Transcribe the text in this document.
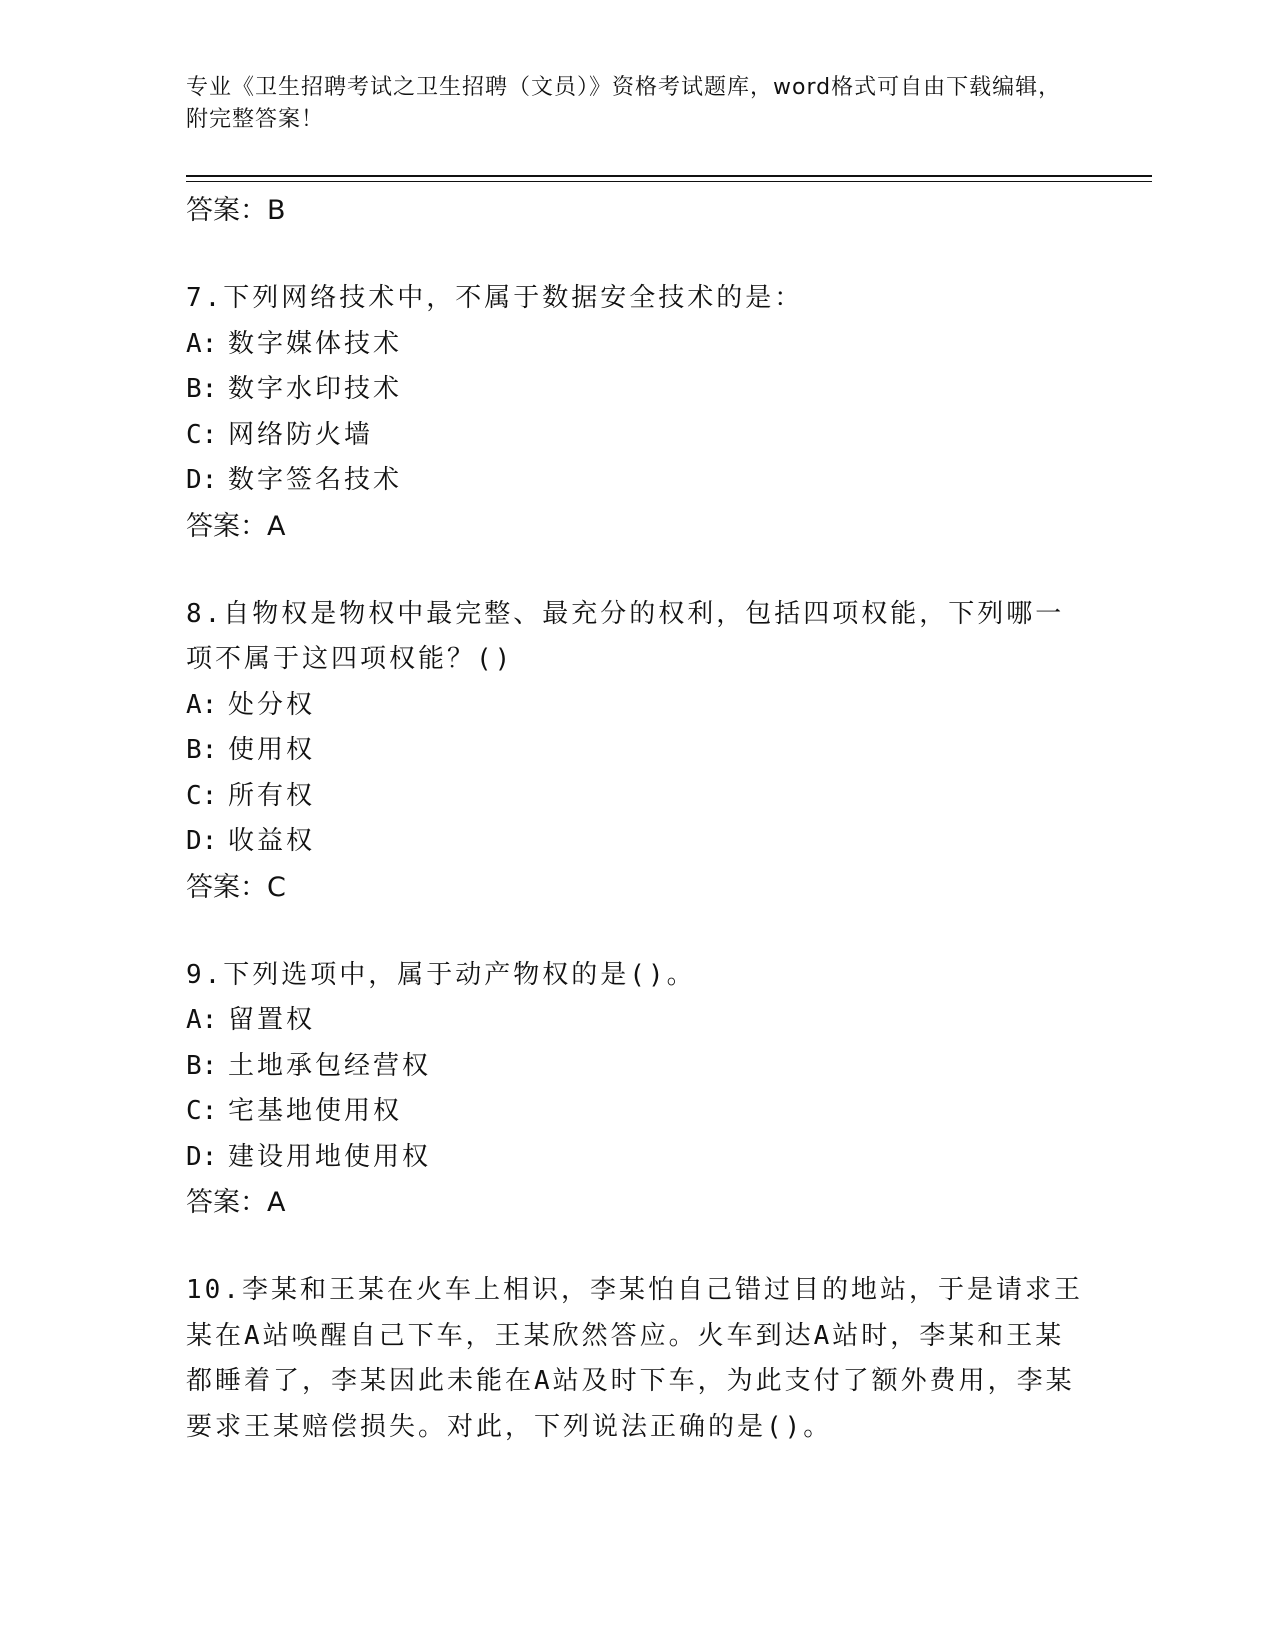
专业《卫生招聘考试之卫生招聘（文员）》资格考试题库，word格式可自由下载编辑，附完整答案！

答案：B

7.下列网络技术中，不属于数据安全技术的是：

A: 数字媒体技术

B: 数字水印技术

C: 网络防火墙

D: 数字签名技术

答案：A

8.自物权是物权中最完整、最充分的权利，包括四项权能，下列哪一项不属于这四项权能？()

A: 处分权

B: 使用权

C: 所有权

D: 收益权

答案：C

9.下列选项中，属于动产物权的是()。

A: 留置权

B: 土地承包经营权

C: 宅基地使用权

D: 建设用地使用权

答案：A

10.李某和王某在火车上相识，李某怕自己错过目的地站，于是请求王某在A站唤醒自己下车，王某欣然答应。火车到达A站时，李某和王某都睡着了，李某因此未能在A站及时下车，为此支付了额外费用，李某要求王某赔偿损失。对此，下列说法正确的是()。
